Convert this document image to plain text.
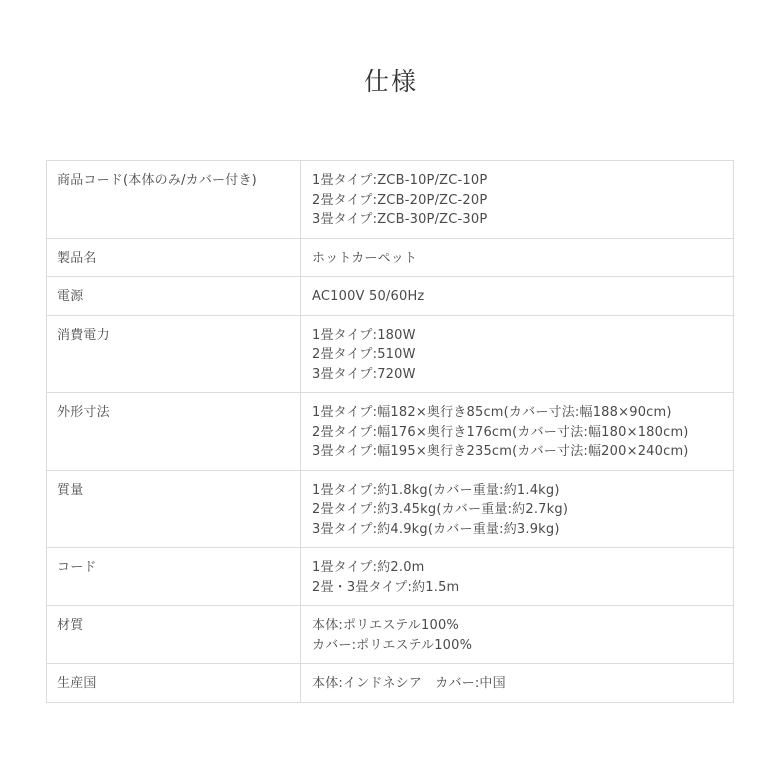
仕様
商品コード(本体のみ/カバー付き)	1畳タイプ:ZCB-10P/ZC-10P
2畳タイプ:ZCB-20P/ZC-20P
3畳タイプ:ZCB-30P/ZC-30P

製品名	ホットカーペット

電源	AC100V 50/60Hz

消費電力	1畳タイプ:180W
2畳タイプ:510W
3畳タイプ:720W

外形寸法	1畳タイプ:幅182×奥行き85cm(カバー寸法:幅188×90cm)
2畳タイプ:幅176×奥行き176cm(カバー寸法:幅180×180cm)
3畳タイプ:幅195×奥行き235cm(カバー寸法:幅200×240cm)

質量	1畳タイプ:約1.8kg(カバー重量:約1.4kg)
2畳タイプ:約3.45kg(カバー重量:約2.7kg)
3畳タイプ:約4.9kg(カバー重量:約3.9kg)

コード	1畳タイプ:約2.0m
2畳・3畳タイプ:約1.5m

材質	本体:ポリエステル100%
カバー:ポリエステル100%

生産国	本体:インドネシア　カバー:中国
